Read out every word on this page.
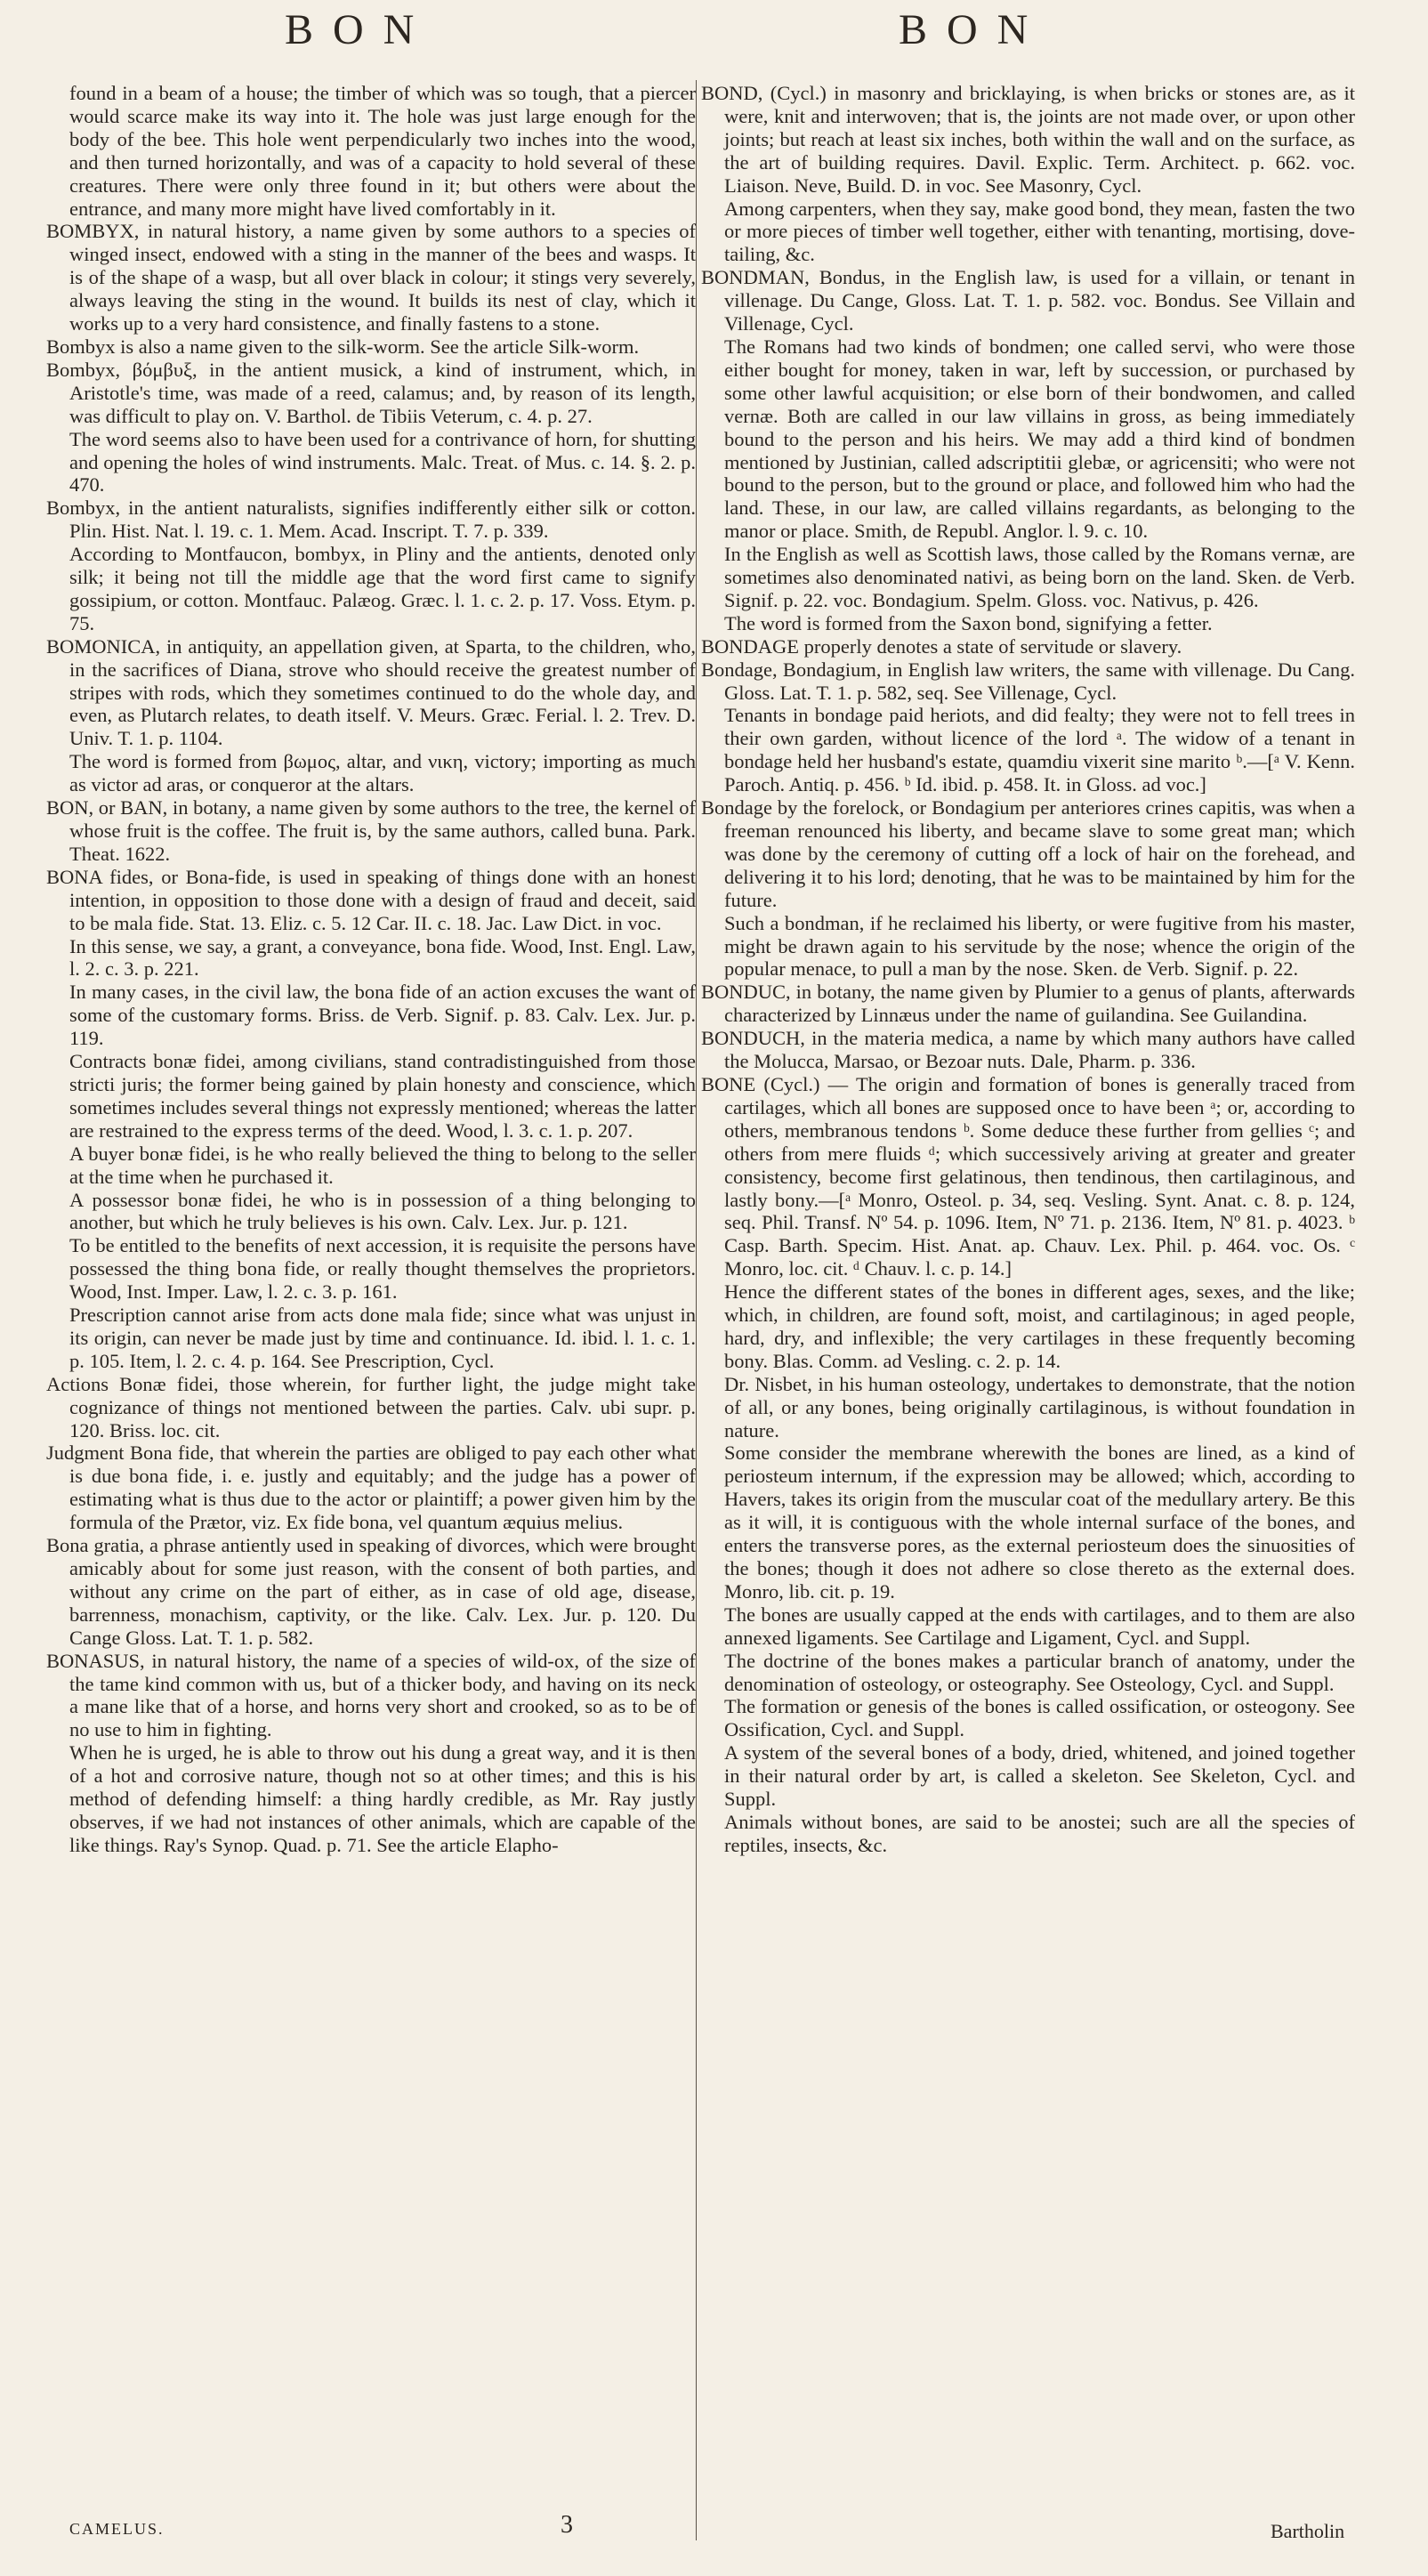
BON	BON

found in a beam of a house; the timber of which was so tough, that a piercer would scarce make its way into it. The hole was just large enough for the body of the bee. This hole went perpendicularly two inches into the wood, and then turned horizontally, and was of a capacity to hold several of these creatures. There were only three found in it; but others were about the entrance, and many more might have lived comfortably in it.

BOMBYX, in natural history, a name given by some authors to a species of winged insect, endowed with a sting in the manner of the bees and wasps. It is of the shape of a wasp, but all over black in colour; it stings very severely, always leaving the sting in the wound. It builds its nest of clay, which it works up to a very hard consistence, and finally fastens to a stone.

Bombyx is also a name given to the silk-worm. See the article Silk-worm.

Bombyx, βόμβυξ, in the antient musick, a kind of instrument, which, in Aristotle's time, was made of a reed, calamus; and, by reason of its length, was difficult to play on. V. Barthol. de Tibiis Veterum, c. 4. p. 27.

The word seems also to have been used for a contrivance of horn, for shutting and opening the holes of wind instruments. Malc. Treat. of Mus. c. 14. §. 2. p. 470.

Bombyx, in the antient naturalists, signifies indifferently either silk or cotton. Plin. Hist. Nat. l. 19. c. 1. Mem. Acad. Inscript. T. 7. p. 339.

According to Montfaucon, bombyx, in Pliny and the antients, denoted only silk; it being not till the middle age that the word first came to signify gossipium, or cotton. Montfauc. Palæog. Græc. l. 1. c. 2. p. 17. Voss. Etym. p. 75.

BOMONICA, in antiquity, an appellation given, at Sparta, to the children, who, in the sacrifices of Diana, strove who should receive the greatest number of stripes with rods, which they sometimes continued to do the whole day, and even, as Plutarch relates, to death itself. V. Meurs. Græc. Ferial. l. 2. Trev. D. Univ. T. 1. p. 1104.

The word is formed from βωμος, altar, and νικη, victory; importing as much as victor ad aras, or conqueror at the altars.

BON, or BAN, in botany, a name given by some authors to the tree, the kernel of whose fruit is the coffee. The fruit is, by the same authors, called buna. Park. Theat. 1622.

BONA fides, or Bona-fide, is used in speaking of things done with an honest intention, in opposition to those done with a design of fraud and deceit, said to be mala fide. Stat. 13. Eliz. c. 5. 12 Car. II. c. 18. Jac. Law Dict. in voc.

In this sense, we say, a grant, a conveyance, bona fide. Wood, Inst. Engl. Law, l. 2. c. 3. p. 221.

In many cases, in the civil law, the bona fide of an action excuses the want of some of the customary forms. Briss. de Verb. Signif. p. 83. Calv. Lex. Jur. p. 119.

Contracts bonæ fidei, among civilians, stand contradistinguished from those stricti juris; the former being gained by plain honesty and conscience, which sometimes includes several things not expressly mentioned; whereas the latter are restrained to the express terms of the deed. Wood, l. 3. c. 1. p. 207.

A buyer bonæ fidei, is he who really believed the thing to belong to the seller at the time when he purchased it.

A possessor bonæ fidei, he who is in possession of a thing belonging to another, but which he truly believes is his own. Calv. Lex. Jur. p. 121.

To be entitled to the benefits of next accession, it is requisite the persons have possessed the thing bona fide, or really thought themselves the proprietors. Wood, Inst. Imper. Law, l. 2. c. 3. p. 161.

Prescription cannot arise from acts done mala fide; since what was unjust in its origin, can never be made just by time and continuance. Id. ibid. l. 1. c. 1. p. 105. Item, l. 2. c. 4. p. 164. See Prescription, Cycl.

Actions Bonæ fidei, those wherein, for further light, the judge might take cognizance of things not mentioned between the parties. Calv. ubi supr. p. 120. Briss. loc. cit.

Judgment Bona fide, that wherein the parties are obliged to pay each other what is due bona fide, i. e. justly and equitably; and the judge has a power of estimating what is thus due to the actor or plaintiff; a power given him by the formula of the Prætor, viz. Ex fide bona, vel quantum æquius melius.

Bona gratia, a phrase antiently used in speaking of divorces, which were brought amicably about for some just reason, with the consent of both parties, and without any crime on the part of either, as in case of old age, disease, barrenness, monachism, captivity, or the like. Calv. Lex. Jur. p. 120. Du Cange Gloss. Lat. T. 1. p. 582.

BONASUS, in natural history, the name of a species of wild-ox, of the size of the tame kind common with us, but of a thicker body, and having on its neck a mane like that of a horse, and horns very short and crooked, so as to be of no use to him in fighting.

When he is urged, he is able to throw out his dung a great way, and it is then of a hot and corrosive nature, though not so at other times; and this is his method of defending himself: a thing hardly credible, as Mr. Ray justly observes, if we had not instances of other animals, which are capable of the like things. Ray's Synop. Quad. p. 71. See the article Elapho-

BOND, (Cycl.) in masonry and bricklaying, is when bricks or stones are, as it were, knit and interwoven; that is, the joints are not made over, or upon other joints; but reach at least six inches, both within the wall and on the surface, as the art of building requires. Davil. Explic. Term. Architect. p. 662. voc. Liaison. Neve, Build. D. in voc. See Masonry, Cycl.

Among carpenters, when they say, make good bond, they mean, fasten the two or more pieces of timber well together, either with tenanting, mortising, dove-tailing, &c.

BONDMAN, Bondus, in the English law, is used for a villain, or tenant in villenage. Du Cange, Gloss. Lat. T. 1. p. 582. voc. Bondus. See Villain and Villenage, Cycl.

The Romans had two kinds of bondmen; one called servi, who were those either bought for money, taken in war, left by succession, or purchased by some other lawful acquisition; or else born of their bondwomen, and called vernæ. Both are called in our law villains in gross, as being immediately bound to the person and his heirs. We may add a third kind of bondmen mentioned by Justinian, called adscriptitii glebæ, or agricensiti; who were not bound to the person, but to the ground or place, and followed him who had the land. These, in our law, are called villains regardants, as belonging to the manor or place. Smith, de Republ. Anglor. l. 9. c. 10.

In the English as well as Scottish laws, those called by the Romans vernæ, are sometimes also denominated nativi, as being born on the land. Sken. de Verb. Signif. p. 22. voc. Bondagium. Spelm. Gloss. voc. Nativus, p. 426.

The word is formed from the Saxon bond, signifying a fetter.

BONDAGE properly denotes a state of servitude or slavery.

Bondage, Bondagium, in English law writers, the same with villenage. Du Cang. Gloss. Lat. T. 1. p. 582, seq. See Villenage, Cycl.

Tenants in bondage paid heriots, and did fealty; they were not to fell trees in their own garden, without licence of the lord ᵃ. The widow of a tenant in bondage held her husband's estate, quamdiu vixerit sine marito ᵇ.—[ᵃ V. Kenn. Paroch. Antiq. p. 456. ᵇ Id. ibid. p. 458. It. in Gloss. ad voc.]

Bondage by the forelock, or Bondagium per anteriores crines capitis, was when a freeman renounced his liberty, and became slave to some great man; which was done by the ceremony of cutting off a lock of hair on the forehead, and delivering it to his lord; denoting, that he was to be maintained by him for the future.

Such a bondman, if he reclaimed his liberty, or were fugitive from his master, might be drawn again to his servitude by the nose; whence the origin of the popular menace, to pull a man by the nose. Sken. de Verb. Signif. p. 22.

BONDUC, in botany, the name given by Plumier to a genus of plants, afterwards characterized by Linnæus under the name of guilandina. See Guilandina.

BONDUCH, in the materia medica, a name by which many authors have called the Molucca, Marsao, or Bezoar nuts. Dale, Pharm. p. 336.

BONE (Cycl.) — The origin and formation of bones is generally traced from cartilages, which all bones are supposed once to have been ᵃ; or, according to others, membranous tendons ᵇ. Some deduce these further from gellies ᶜ; and others from mere fluids ᵈ; which successively ariving at greater and greater consistency, become first gelatinous, then tendinous, then cartilaginous, and lastly bony.—[ᵃ Monro, Osteol. p. 34, seq. Vesling. Synt. Anat. c. 8. p. 124, seq. Phil. Transf. Nº 54. p. 1096. Item, Nº 71. p. 2136. Item, Nº 81. p. 4023. ᵇ Casp. Barth. Specim. Hist. Anat. ap. Chauv. Lex. Phil. p. 464. voc. Os. ᶜ Monro, loc. cit. ᵈ Chauv. l. c. p. 14.]

Hence the different states of the bones in different ages, sexes, and the like; which, in children, are found soft, moist, and cartilaginous; in aged people, hard, dry, and inflexible; the very cartilages in these frequently becoming bony. Blas. Comm. ad Vesling. c. 2. p. 14.

Dr. Nisbet, in his human osteology, undertakes to demonstrate, that the notion of all, or any bones, being originally cartilaginous, is without foundation in nature.

Some consider the membrane wherewith the bones are lined, as a kind of periosteum internum, if the expression may be allowed; which, according to Havers, takes its origin from the muscular coat of the medullary artery. Be this as it will, it is contiguous with the whole internal surface of the bones, and enters the transverse pores, as the external periosteum does the sinuosities of the bones; though it does not adhere so close thereto as the external does. Monro, lib. cit. p. 19.

The bones are usually capped at the ends with cartilages, and to them are also annexed ligaments. See Cartilage and Ligament, Cycl. and Suppl.

The doctrine of the bones makes a particular branch of anatomy, under the denomination of osteology, or osteography. See Osteology, Cycl. and Suppl.

The formation or genesis of the bones is called ossification, or osteogony. See Ossification, Cycl. and Suppl.

A system of the several bones of a body, dried, whitened, and joined together in their natural order by art, is called a skeleton. See Skeleton, Cycl. and Suppl.

Animals without bones, are said to be anostei; such are all the species of reptiles, insects, &c.

CAMELUS.	3	Bartholin
